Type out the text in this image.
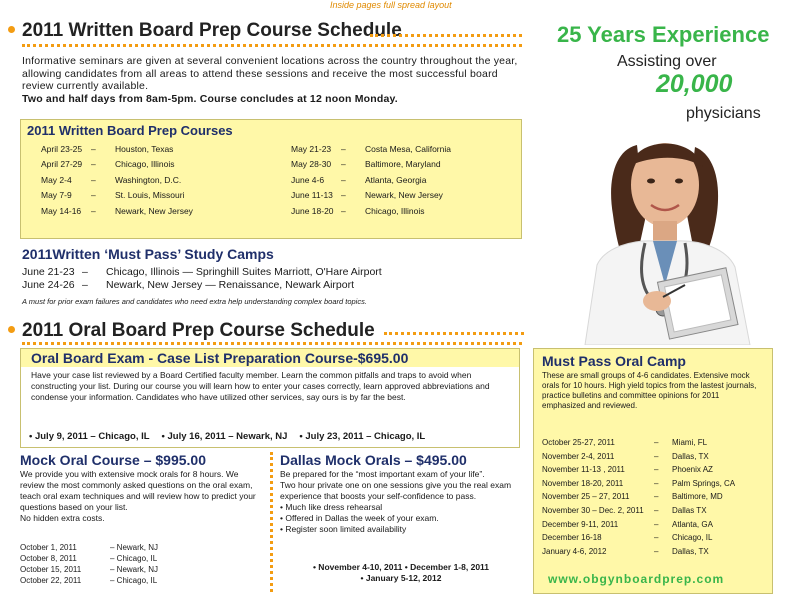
Inside pages full spread layout
2011 Written Board Prep Course Schedule
Informative seminars are given at several convenient locations across the country throughout the year, allowing candidates from all areas to attend these sessions and receive the most successful board review currently available.
Two and half days from 8am-5pm. Course concludes at 12 noon Monday.
2011 Written Board Prep Courses
April 23-25	–	Houston, Texas
April 27-29	–	Chicago, Illinois
May 2-4	–	Washington, D.C.
May 7-9	–	St. Louis, Missouri
May 14-16	–	Newark, New Jersey
May 21-23	–	Costa Mesa, California
May 28-30	–	Baltimore, Maryland
June 4-6	–	Atlanta, Georgia
June 11-13 –	Newark, New Jersey
June 18-20 –	Chicago, Illinois
2011Written ‘Must Pass’ Study Camps
June 21-23 –	Chicago, Illinois — Springhill Suites Marriott, O'Hare Airport
June 24-26 –	Newark, New Jersey — Renaissance, Newark Airport
A must for prior exam failures and candidates who need extra help understanding complex board topics.
25 Years Experience
Assisting over
20,000
physicians
2011 Oral Board Prep Course Schedule
Oral Board Exam - Case List Preparation Course-$695.00
Have your case list reviewed by a Board Certified faculty member. Learn the common pitfalls and traps to avoid when constructing your list. During our course you will learn how to enter your cases correctly, learn approved abbreviations and condense your information. Candidates who have utilized other services, say ours is by far the best.
• July 9, 2011 – Chicago, IL • July 16, 2011 – Newark, NJ • July 23, 2011 – Chicago, IL
Mock Oral Course – $995.00
We provide you with extensive mock orals for 8 hours. We review the most commonly asked questions on the oral exam, teach oral exam techniques and will review how to predict your questions based on your list.
No hidden extra costs.
October 1, 2011	– Newark, NJ
October 8, 2011	– Chicago, IL
October 15, 2011	– Newark, NJ
October 22, 2011	– Chicago, IL
Dallas Mock Orals – $495.00
Be prepared for the “most important exam of your life”.
Two hour private one on one sessions give you the real exam experience that boosts your self-confidence to pass.
• Much like dress rehearsal
• Offered in Dallas the week of your exam.
• Register soon limited availability
• November 4-10, 2011 • December 1-8, 2011
• January 5-12, 2012
Must Pass Oral Camp
These are small groups of 4-6 candidates. Extensive mock orals for 10 hours. High yield topics from the lastest journals, practice bulletins and committee opinions for 2011 emphasized and reviewed.
October 25-27, 2011	–	Miami, FL
November 2-4, 2011	–	Dallas, TX
November 11-13 , 2011	–	Phoenix AZ
November 18-20, 2011	–	Palm Springs, CA
November 25 – 27, 2011	–	Baltimore, MD
November 30 – Dec. 2, 2011	–	Dallas TX
December 9-11, 2011	–	Atlanta, GA
December 16-18	–	Chicago, IL
January 4-6, 2012	–	Dallas, TX
www.obgynboardprep.com
